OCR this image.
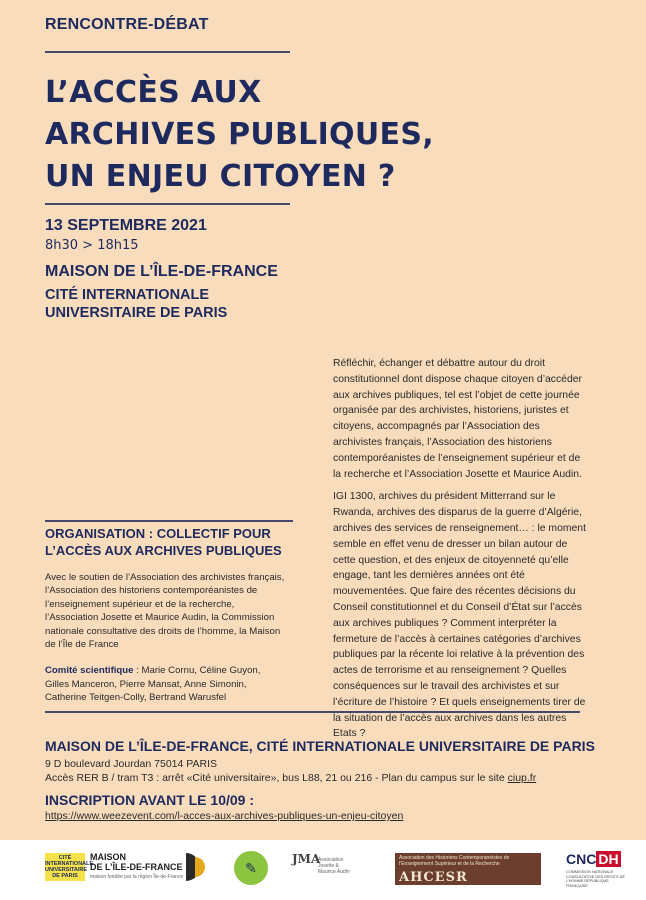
RENCONTRE-DÉBAT
L’ACCÈS AUX
ARCHIVES PUBLIQUES,
UN ENJEU CITOYEN ?
13 SEPTEMBRE 2021
8h30 > 18h15
MAISON DE L’ÎLE-DE-FRANCE
CITÉ INTERNATIONALE UNIVERSITAIRE DE PARIS

Réfléchir, échanger et débattre autour du droit constitutionnel dont dispose chaque citoyen d’accéder aux archives publiques, tel est l’objet de cette journée organisée par des archivistes, historiens, juristes et citoyens, accompagnés par l’Association des archivistes français, l’Association des historiens contemporéanistes de l’enseignement supérieur et de la recherche et l’Association Josette et Maurice Audin.

IGI 1300, archives du président Mitterrand sur le Rwanda, archives des disparus de la guerre d’Algérie, archives des services de renseignement… : le moment semble en effet venu de dresser un bilan autour de cette question, et des enjeux de citoyenneté qu’elle engage, tant les dernières années ont été mouvementées. Que faire des récentes décisions du Conseil constitutionnel et du Conseil d’État sur l’accès aux archives publiques ? Comment interpréter la fermeture de l’accès à certaines catégories d’archives publiques par la récente loi relative à la prévention des actes de terrorisme et au renseignement ? Quelles conséquences sur le travail des archivistes et sur l’écriture de l’histoire ? Et quels enseignements tirer de la situation de l’accès aux archives dans les autres Etats ?

ORGANISATION : COLLECTIF POUR L’ACCÈS AUX ARCHIVES PUBLIQUES
Avec le soutien de l’Association des archivistes français, l’Association des historiens contemporéanistes de l’enseignement supérieur et de la recherche, l’Association Josette et Maurice Audin, la Commission nationale consultative des droits de l’homme, la Maison de l’Île de France
Comité scientifique : Marie Cornu, Céline Guyon, Gilles Manceron, Pierre Mansat, Anne Simonin, Catherine Teitgen-Colly, Bertrand Warusfel
MAISON DE L’ÎLE-DE-FRANCE, CITÉ INTERNATIONALE UNIVERSITAIRE DE PARIS
9 D boulevard Jourdan 75014 PARIS
Accès RER B / tram T3 : arrêt «Cité universitaire», bus L88, 21 ou 216 - Plan du campus sur le site ciup.fr
INSCRIPTION AVANT LE 10/09 :
https://www.weezevent.com/l-acces-aux-archives-publiques-un-enjeu-citoyen
CITÉ INTERNATIONALE UNIVERSITAIRE DE PARIS
MAISON
DE L’ÎLE-DE-FRANCE
maison fondée par la région Île-de-France
✎
JMA
Association Josette & Maurice Audin
Association des Historiens Contemporanéistes de l’Enseignement Supérieur et de la Recherche
AHCESR
CNC DH
COMMISSION NATIONALE CONSULTATIVE DES DROITS DE L’HOMME RÉPUBLIQUE FRANÇAISE
